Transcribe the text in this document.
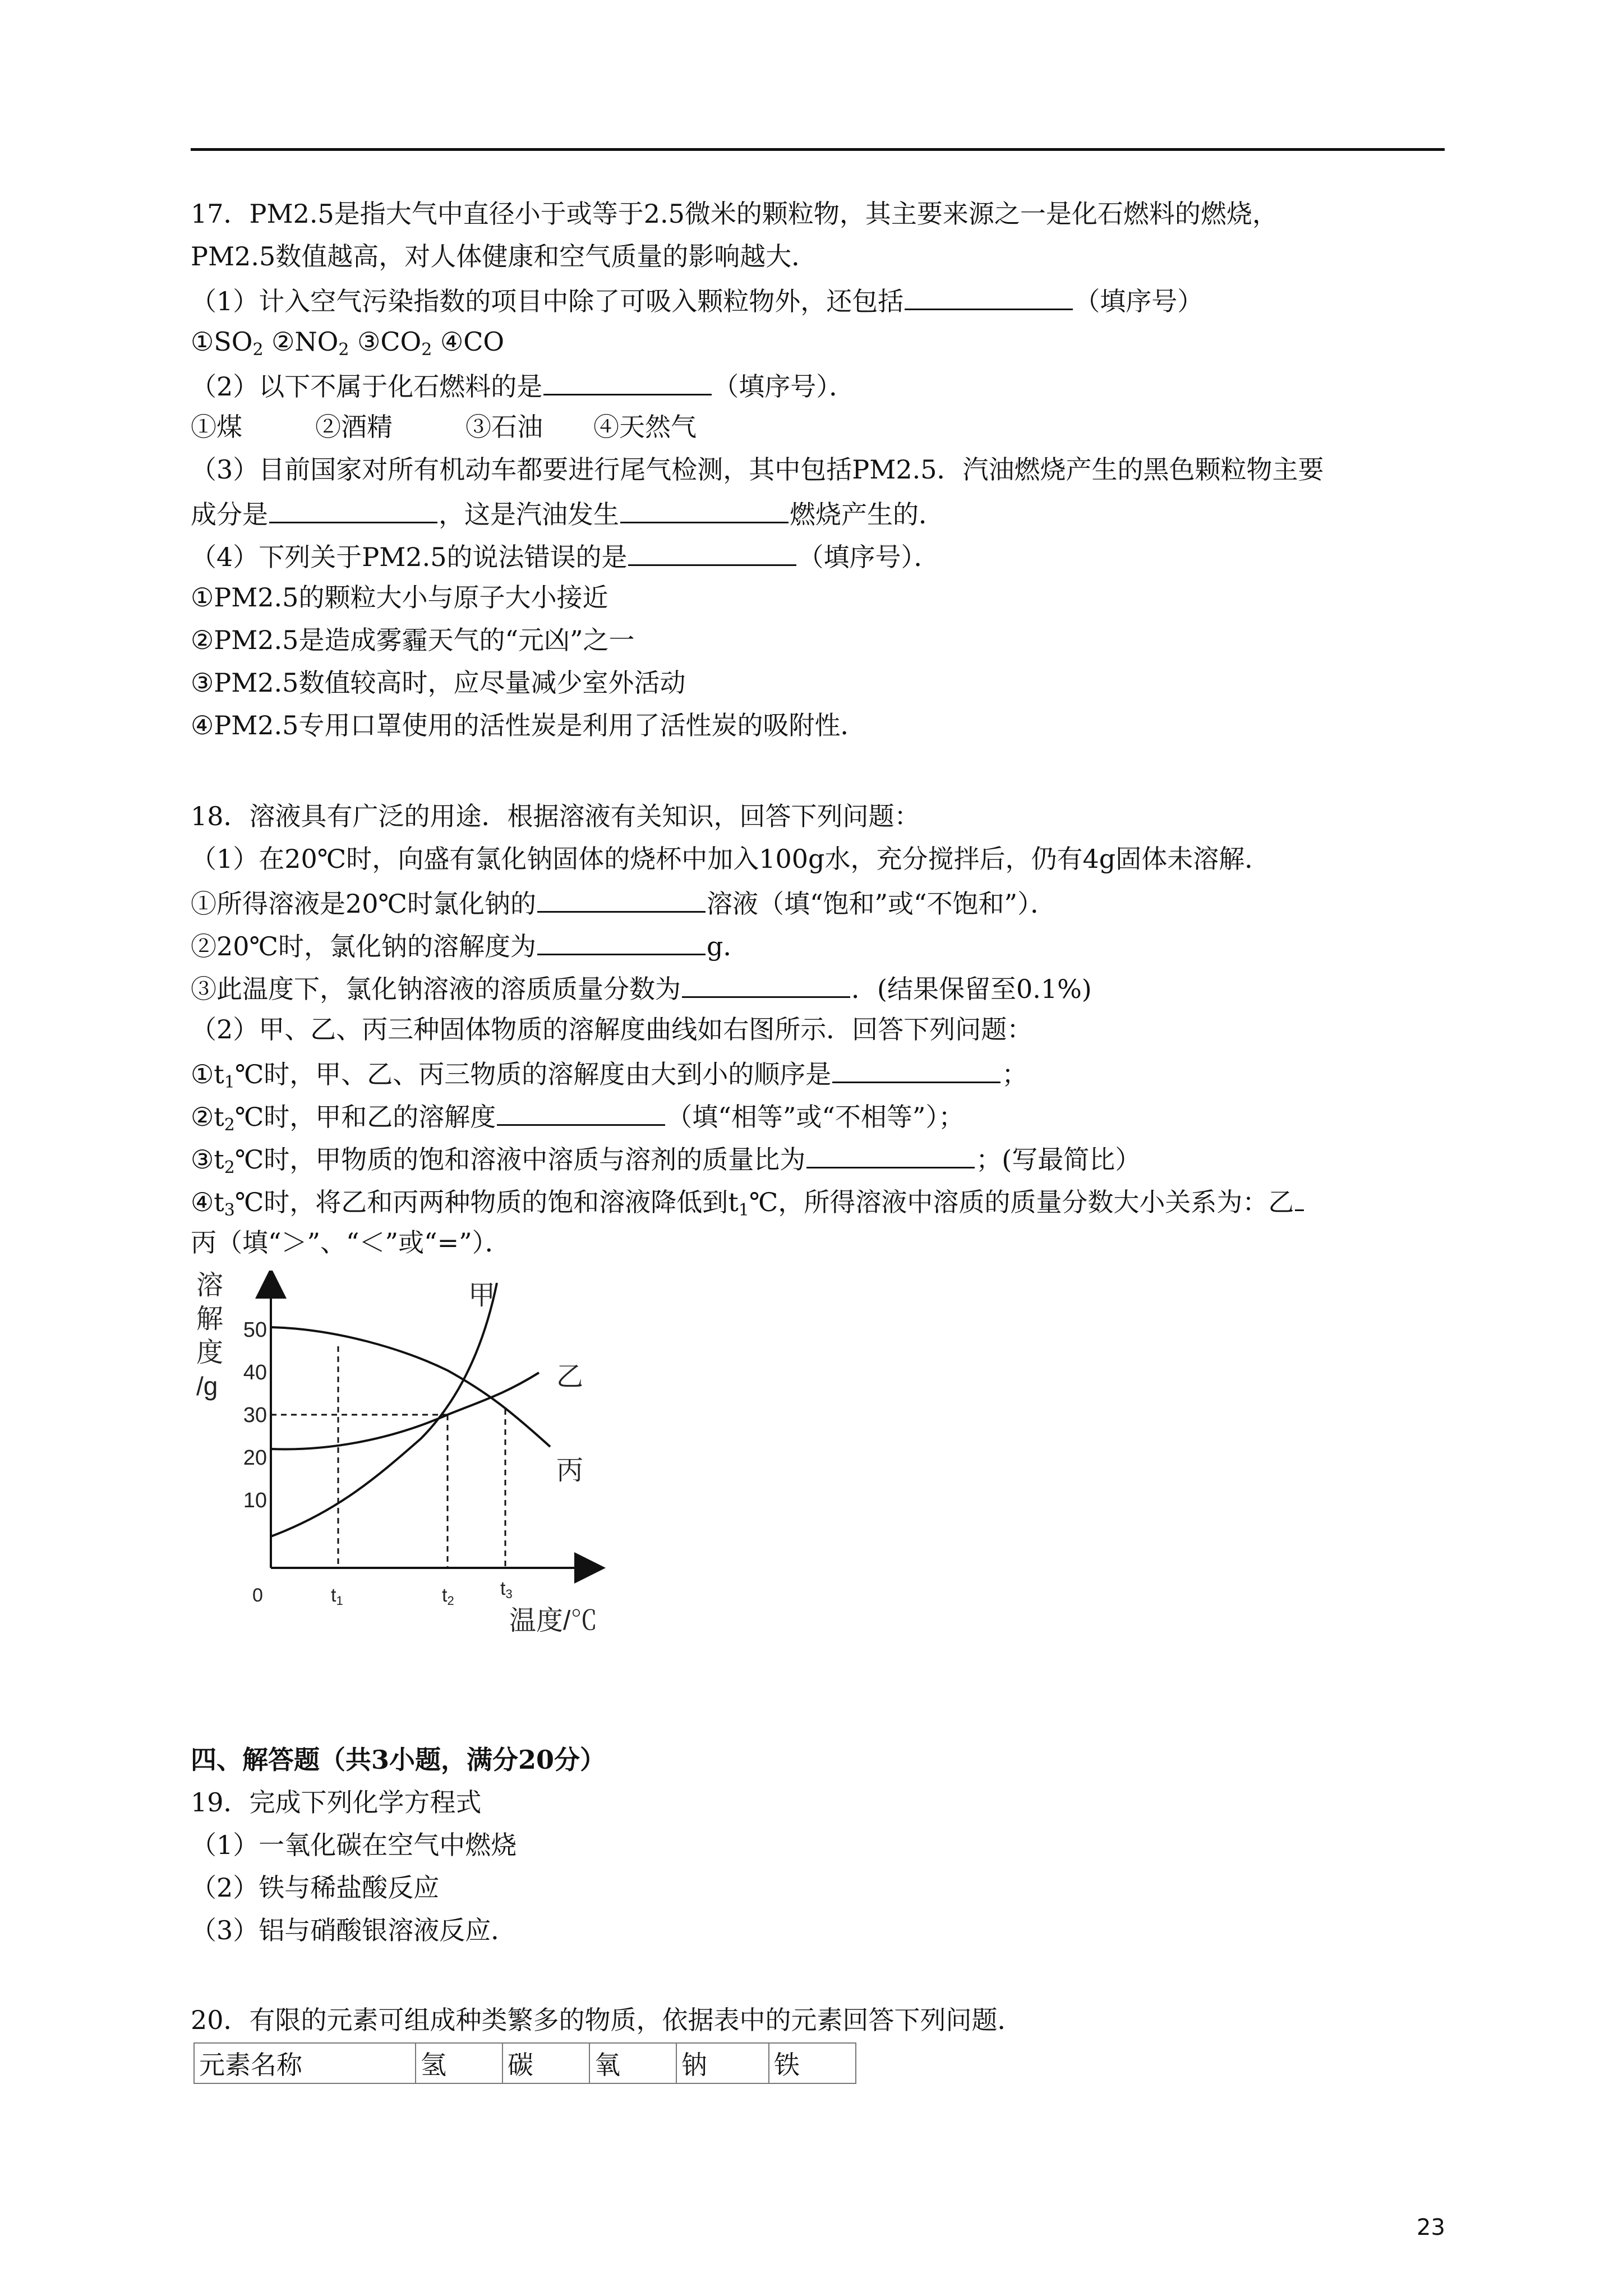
17．PM2.5是指大气中直径小于或等于2.5微米的颗粒物，其主要来源之一是化石燃料的燃烧，
PM2.5数值越高，对人体健康和空气质量的影响越大．
（1）计入空气污染指数的项目中除了可吸入颗粒物外，还包括	（填序号）
$①SO_2$ $②NO_2$ $③CO_2$ ④CO
（2）以下不属于化石燃料的是	（填序号）．
①煤	②酒精	③石油 ④天然气
（3）目前国家对所有机动车都要进行尾气检测，其中包括PM2.5．汽油燃烧产生的黑色颗粒物主要
成分是	，这是汽油发生	燃烧产生的．
（4）下列关于PM2.5的说法错误的是	（填序号）．
①PM2.5的颗粒大小与原子大小接近
②PM2.5是造成雾霾天气的“元凶”之一
③PM2.5数值较高时，应尽量减少室外活动
④PM2.5专用口罩使用的活性炭是利用了活性炭的吸附性．
18．溶液具有广泛的用途．根据溶液有关知识，回答下列问题：
（1）在20℃时，向盛有氯化钠固体的烧杯中加入100g水，充分搅拌后，仍有4g固体未溶解．
①所得溶液是20℃时氯化钠的	溶液（填“饱和”或“不饱和”）．
②20℃时，氯化钠的溶解度为	g．
③此温度下，氯化钠溶液的溶质质量分数为	．(结果保留至0.1%)
（2）甲、乙、丙三种固体物质的溶解度曲线如右图所示．回答下列问题：
$①t_1℃$时，甲、乙、丙三物质的溶解度由大到小的顺序是	；
$②t_2℃$时，甲和乙的溶解度	（填“相等”或“不相等”）；
$③t_2℃$时，甲物质的饱和溶液中溶质与溶剂的质量比为	；(写最简比）
$④t_3℃$时，将乙和丙两种物质的饱和溶液降低到$t_1℃$，所得溶液中溶质的质量分数大小关系为：乙
丙（填“＞”、“＜”或“=”）．
溶
解
度
/g
50
40
30
20
10
0	t1	t2
t3
温度/℃
甲
乙
丙
四、解答题（共3小题，满分20分）
19．完成下列化学方程式
（1）一氧化碳在空气中燃烧
（2）铁与稀盐酸反应
（3）铝与硝酸银溶液反应．
20．有限的元素可组成种类繁多的物质，依据表中的元素回答下列问题．
元素名称	氢	碳	氧	钠	铁
23
